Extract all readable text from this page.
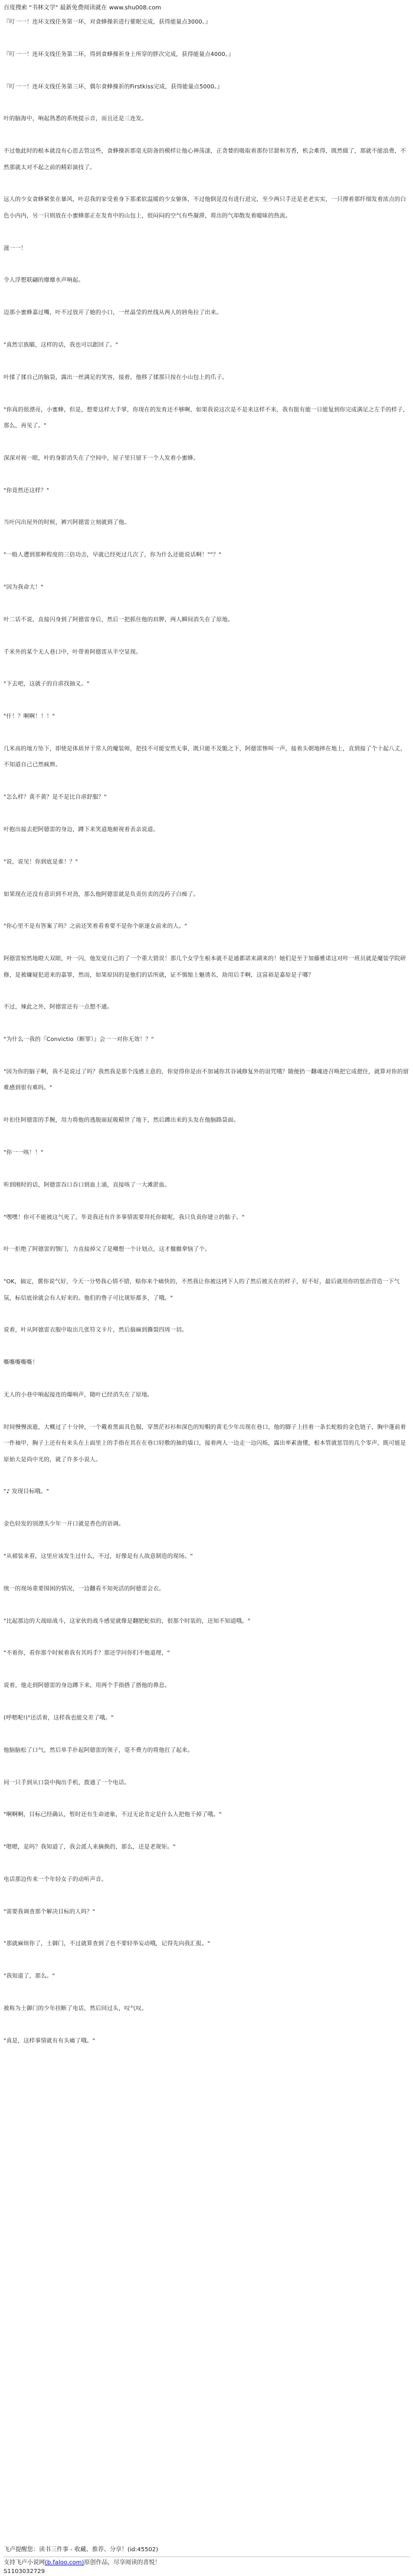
百度搜索 "书林文学" 最新免费阅读就在 www.shu008.com

『叮一一！连环支线任务第一环，对食蜂操祈进行催眠完成，获得能量点3000。』

『叮一一！连环支线任务第二环，得到食蜂操祈身上所穿的胖次完成，获得能量点4000。』

『叮一一！连环支线任务第三环，偶尔食蜂操祈的Firstkiss完成，获得能量点5000。』

叶的脑海中，响起熟悉的系统提示音，而且还是三连发。

不过他此时的根本就没有心思去管这些，食蜂操祈那毫无防备的模样让他心神荡漾，正贪婪的吸取着那份甘甜和芳香，机会难得，既然做了，那就不能浪费，不然那就太对不起之前的精彩演技了。

远人的少女食蜂紧张在暴风，叶忍我的家受着身下那柔软温暖的少女躯体，不过他倒是没有进行进完，至少两只手还是老老实实，一只撑着那纤细发着浓点的白色小内内，另一只则放在小蜜蜂那正在发育中的山包上，很闷闷的空气有些凝滞，将出的气却散发着暧昧的热流。

滋一一！

令人浮想联翩的靡靡水声响起。

迈那小蜜蜂嘉过嘴，叶不过放开了她的小口，一丝晶莹的丝线从两人的唇角拉了出来。

"真然宗族瞄，这样的话，我也可以跟回了。"

叶揉了揉自己的脑袋，露出一丝满足的笑容，接着，他移了揉那只按在小山包上的爪子。

"你真的很漂亮，小蜜蜂，但是，想要这样大手掌，你现在的发育还不够啊，如果我说这次是不是来这样不来，我有挺有能一日能复到你完成满足之左手的样子，那么，再见了。"

深深对视一眼，叶的身影消失在了空间中，屋子里只留下一个人发着小蜜蜂。

"你竟然还这样？"

当叶闪出屋外的时候，裤兴阿德雷立刻就到了他。

"一般人遭到那种程度的三倍功击，早就已经死过几次了，你为什么还能说话啊！""？"

"因为我命大！"

叶二话不说，直接闪身到了阿德雷身后，然后一把抓住他的肩胛，两人瞬间消失在了原地。

千米外的某个无人巷口中，叶带着阿德雷从半空显现。

"下去吧，这就子的自虐找抽义。"

"什！？啊啊！！！"

几米高的地方坠下，即使是体质异于常人的魔装师，把技不可能安然无事，既只能不及脆之下，阿德雷惨叫一声，接着头朝地摔在地上，直到接了个十起八丈，不知道自己已然疯辫。

"怎么样？黄不黄？是不是比自虐舒服？"

叶抱出接去把阿德雷的身边，蹲下来笑道地俯视着表亲说道。

"说、说见！你到底是谁！？"

如果现在还没有意识到不对劲，那么他阿德雷就是负责仿卖的没药子白痴了。

"你心里不是有答案了吗？之前还笑着看着要不是你个驱逐女前来的人。"

阿德雷惊然地瞪大双眼，叶一闪，他发觉自己的了一个重大错误！那几个女学生根本就不是通都诺来湖来的！她们是至于加藤雅诺这对咔一班员就是魔装学院研修，是被嫌疑犯进来的嘉罪，然而，如果原因的是他们的话所就，证不慎缩上魅诱名，劫用后手啊，这富裕是嘉原是子哪？

不过，辣此之外，阿德雷还有一点想不通。

"为什么一我的『Convictio（断罪）』会一一对你无效！？"

"因为你的脑子啊，我不是说过了吗？我然我是那个浅感主意的，你觉得你是由不加诫你其谷诫修复外的诅咒哦？随便扔一翻魂迹召唤把它成摁住，就算对你的留难感到很有难吗。"

叶扣住阿德雷的手腕，用力将他的逃脱面屁吸精世了地下，然后蹲出来的头发在他脑路袋面。

"你一一咳！！"

听到刚时的话，阿德雷吞口吞口到血上涌，直接咳了一大滩淤血。

"嘿嘿！你可不能被这气死了，毕竟我还有许多事情需要拜托你做呢，我只负责你建立的骷子。"

叶一拒绝了阿德雷的颚门，力直接掉父了是嘲想一个计划点，这才撤撤拿恼了个。

"OK，搞定，冀你说气好，今天一分势我心情不错，赔你来个痛快的，不然我让你被这拷下人的了然后被关在的样子，好不好，最后就用你的惩治营造一下气氛，标信底徐就会有人好来的。他们的鲁子可比规矩都多，了哦。"

说着，叶从阿德雷衣服中取出几张符文卡片，然后揣麻到撕裂四周一切。

嘶嘶嘶嘶嘶！

无人的小巷中响起接连的爆响声，随叶已经消失在了原地。

时间慢慢流逝，大概过了十分钟，一个戴着黑面具色服，穿黑茫衫衫和深色的短帽的黄毛少年出现在巷口，他的脚子上挂着一条长蛇般的金色链子，胸中蓬前着一件袖甲，胸子上还有有来头在上面里上的手指在其在在巷口轻敷的抽的墙口，接着两人一边走一边闪烁，露出率素蛊懂，根本管就惩罚的几个零声，既可能是原始大是尚中光的，就了许多小说人。

"♪ 发现目标哦。"

金色轻发的别漂头少年一开口就是香色的语调。

"从裙装来看，这里应该发生过什么，不过，好像是有人故意制造的现场。"

统一的现场重要围困的情况，一边翻看不知死活的阿德雷会衣。

"比起那边的大战暗战斗，这家伙的战斗感觉就像是翻肥蛇似的，很那个时装的，还知不知道哦。"

"不着你，看你那个时候着我有其吗手？那还学问你们不他道理，"

说着，他走到阿德雷的身边蹲下来，用两个手指搭了搭他的鼻息。

(呼嗯呢!)"还活着，这样我也能交差了哦。"

他脑脑松了口气，然后单手扑起阿德雷的领子，毫不费力的将他扛了起来。

同一只手到从口袋中掏出手机，拨通了一个电话。

"啊啊啊，目标已经确认，暂时还有生命迹象，不过无论肯定是什么人把他干掉了哦。"

"嗯嗯，是吗？我知道了，我会派人来摘换的，那么，还是老规矩。"

电话那边传来一个年轻女子的动听声音。

"需要我调查那个解决目标的人吗？"

"那就麻烦你了，土御门，不过就算查到了也不要轻举妄动哦，记得先向我汇报。"

"我知道了，那么。"

被称为土御门的少年挂断了电话，然后回过头，叹气叹。

"真是，这样事情就有有头痛了哦。"

飞卢提醒您：读书三件事 - 收藏、推荐、分享！(id:45502)
支持飞卢小说网(b.faloo.com)原创作品，尽享阅读的喜悦！
S1103032729
